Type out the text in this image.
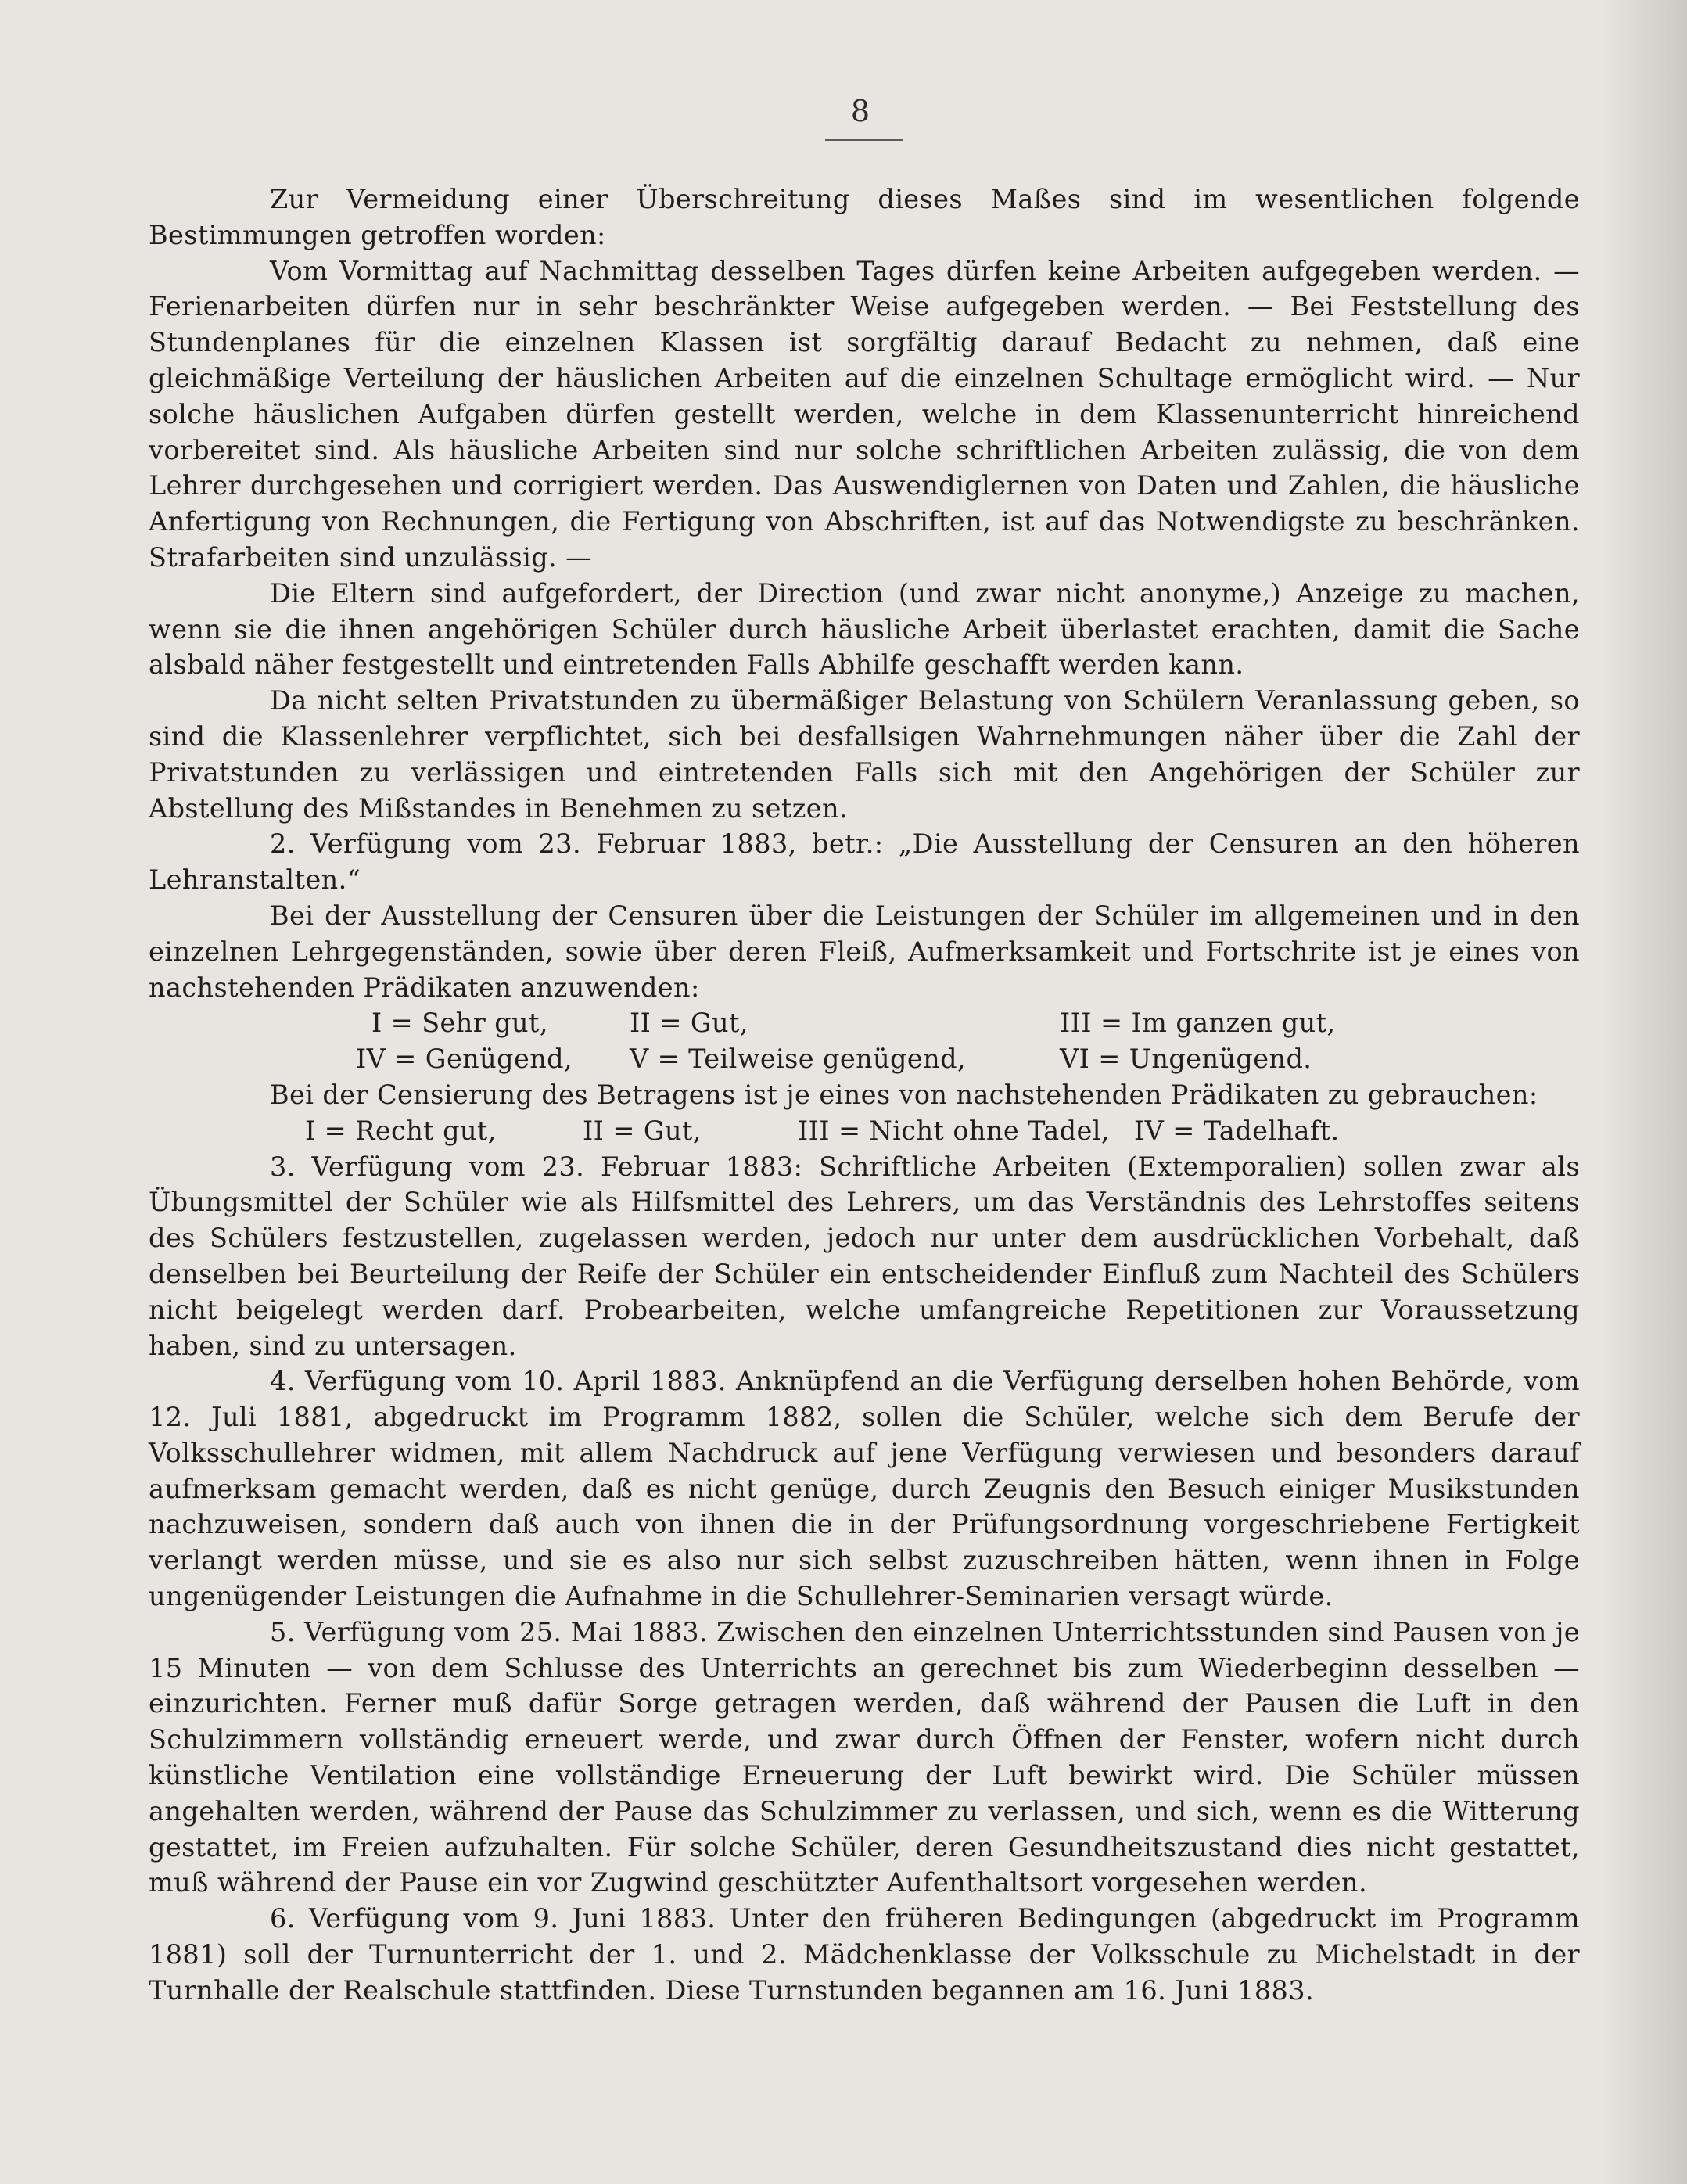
8

Zur Vermeidung einer Überschreitung dieses Maßes sind im wesentlichen folgende Bestimmungen getroffen worden:

Vom Vormittag auf Nachmittag desselben Tages dürfen keine Arbeiten aufgegeben werden. — Ferienarbeiten dürfen nur in sehr beschränkter Weise aufgegeben werden. — Bei Feststellung des Stundenplanes für die einzelnen Klassen ist sorgfältig darauf Bedacht zu nehmen, daß eine gleichmäßige Verteilung der häuslichen Arbeiten auf die einzelnen Schultage ermöglicht wird. — Nur solche häuslichen Aufgaben dürfen gestellt werden, welche in dem Klassenunterricht hinreichend vorbereitet sind. Als häusliche Arbeiten sind nur solche schriftlichen Arbeiten zulässig, die von dem Lehrer durchgesehen und corrigiert werden. Das Auswendiglernen von Daten und Zahlen, die häusliche Anfertigung von Rechnungen, die Fertigung von Abschriften, ist auf das Notwendigste zu beschränken. Strafarbeiten sind unzulässig. —

Die Eltern sind aufgefordert, der Direction (und zwar nicht anonyme,) Anzeige zu machen, wenn sie die ihnen angehörigen Schüler durch häusliche Arbeit überlastet erachten, damit die Sache alsbald näher festgestellt und eintretenden Falls Abhilfe geschafft werden kann.

Da nicht selten Privatstunden zu übermäßiger Belastung von Schülern Veranlassung geben, so sind die Klassenlehrer verpflichtet, sich bei desfallsigen Wahrnehmungen näher über die Zahl der Privatstunden zu verlässigen und eintretenden Falls sich mit den Angehörigen der Schüler zur Abstellung des Mißstandes in Benehmen zu setzen.

2. Verfügung vom 23. Februar 1883, betr.: „Die Ausstellung der Censuren an den höheren Lehranstalten.“

Bei der Ausstellung der Censuren über die Leistungen der Schüler im allgemeinen und in den einzelnen Lehrgegenständen, sowie über deren Fleiß, Aufmerksamkeit und Fortschrite ist je eines von nachstehenden Prädikaten anzuwenden:

I = Sehr gut,	II = Gut,	III = Im ganzen gut,
IV = Genügend,	V = Teilweise genügend,	VI = Ungenügend.

Bei der Censierung des Betragens ist je eines von nachstehenden Prädikaten zu gebrauchen:

I = Recht gut,	II = Gut,	III = Nicht ohne Tadel, IV = Tadelhaft.

3. Verfügung vom 23. Februar 1883: Schriftliche Arbeiten (Extemporalien) sollen zwar als Übungsmittel der Schüler wie als Hilfsmittel des Lehrers, um das Verständnis des Lehrstoffes seitens des Schülers festzustellen, zugelassen werden, jedoch nur unter dem ausdrücklichen Vorbehalt, daß denselben bei Beurteilung der Reife der Schüler ein entscheidender Einfluß zum Nachteil des Schülers nicht beigelegt werden darf. Probearbeiten, welche umfangreiche Repetitionen zur Voraussetzung haben, sind zu untersagen.

4. Verfügung vom 10. April 1883. Anknüpfend an die Verfügung derselben hohen Behörde, vom 12. Juli 1881, abgedruckt im Programm 1882, sollen die Schüler, welche sich dem Berufe der Volksschullehrer widmen, mit allem Nachdruck auf jene Verfügung verwiesen und besonders darauf aufmerksam gemacht werden, daß es nicht genüge, durch Zeugnis den Besuch einiger Musikstunden nachzuweisen, sondern daß auch von ihnen die in der Prüfungsordnung vorgeschriebene Fertigkeit verlangt werden müsse, und sie es also nur sich selbst zuzuschreiben hätten, wenn ihnen in Folge ungenügender Leistungen die Aufnahme in die Schullehrer-Seminarien versagt würde.

5. Verfügung vom 25. Mai 1883. Zwischen den einzelnen Unterrichtsstunden sind Pausen von je 15 Minuten — von dem Schlusse des Unterrichts an gerechnet bis zum Wiederbeginn desselben — einzurichten. Ferner muß dafür Sorge getragen werden, daß während der Pausen die Luft in den Schulzimmern vollständig erneuert werde, und zwar durch Öffnen der Fenster, wofern nicht durch künstliche Ventilation eine vollständige Erneuerung der Luft bewirkt wird. Die Schüler müssen angehalten werden, während der Pause das Schulzimmer zu verlassen, und sich, wenn es die Witterung gestattet, im Freien aufzuhalten. Für solche Schüler, deren Gesundheitszustand dies nicht gestattet, muß während der Pause ein vor Zugwind geschützter Aufenthaltsort vorgesehen werden.

6. Verfügung vom 9. Juni 1883. Unter den früheren Bedingungen (abgedruckt im Programm 1881) soll der Turnunterricht der 1. und 2. Mädchenklasse der Volksschule zu Michelstadt in der Turnhalle der Realschule stattfinden. Diese Turnstunden begannen am 16. Juni 1883.
